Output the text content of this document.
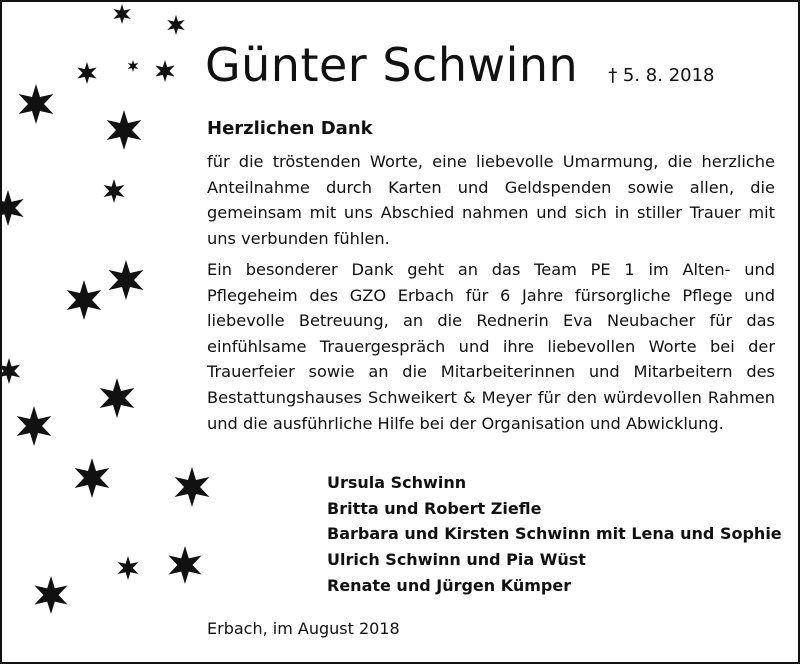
Günter Schwinn † 5. 8. 2018
Herzlichen Dank

für die tröstenden Worte, eine liebevolle Umarmung, die herzliche Anteilnahme durch Karten und Geldspenden sowie allen, die gemeinsam mit uns Abschied nahmen und sich in stiller Trauer mit uns verbunden fühlen.

Ein besonderer Dank geht an das Team PE 1 im Alten- und Pflegeheim des GZO Erbach für 6 Jahre fürsorgliche Pflege und liebevolle Betreuung, an die Rednerin Eva Neubacher für das einfühlsame Trauergespräch und ihre liebevollen Worte bei der Trauerfeier sowie an die Mitarbeiterinnen und Mitarbeitern des Bestattungshauses Schweikert & Meyer für den würdevollen Rahmen und die ausführliche Hilfe bei der Organisation und Abwicklung.

Ursula Schwinn
Britta und Robert Ziefle
Barbara und Kirsten Schwinn mit Lena und Sophie
Ulrich Schwinn und Pia Wüst
Renate und Jürgen Kümper
Erbach, im August 2018
